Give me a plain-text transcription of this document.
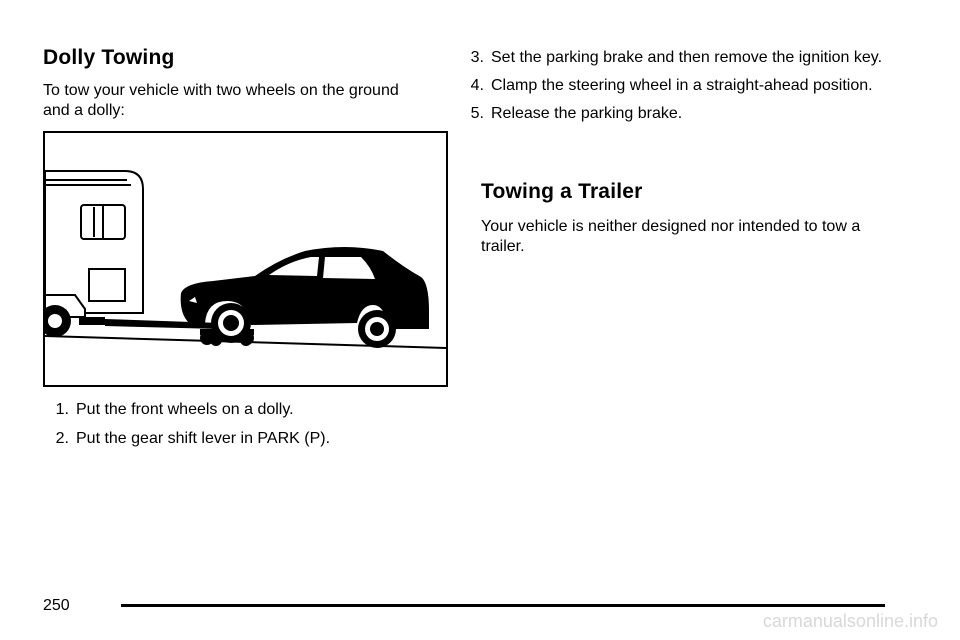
Dolly Towing

To tow your vehicle with two wheels on the ground and a dolly:

1. Put the front wheels on a dolly.
2. Put the gear shift lever in PARK (P).
3. Set the parking brake and then remove the ignition key.
4. Clamp the steering wheel in a straight-ahead position.
5. Release the parking brake.
Towing a Trailer

Your vehicle is neither designed nor intended to tow a trailer.

250
carmanualsonline.info
